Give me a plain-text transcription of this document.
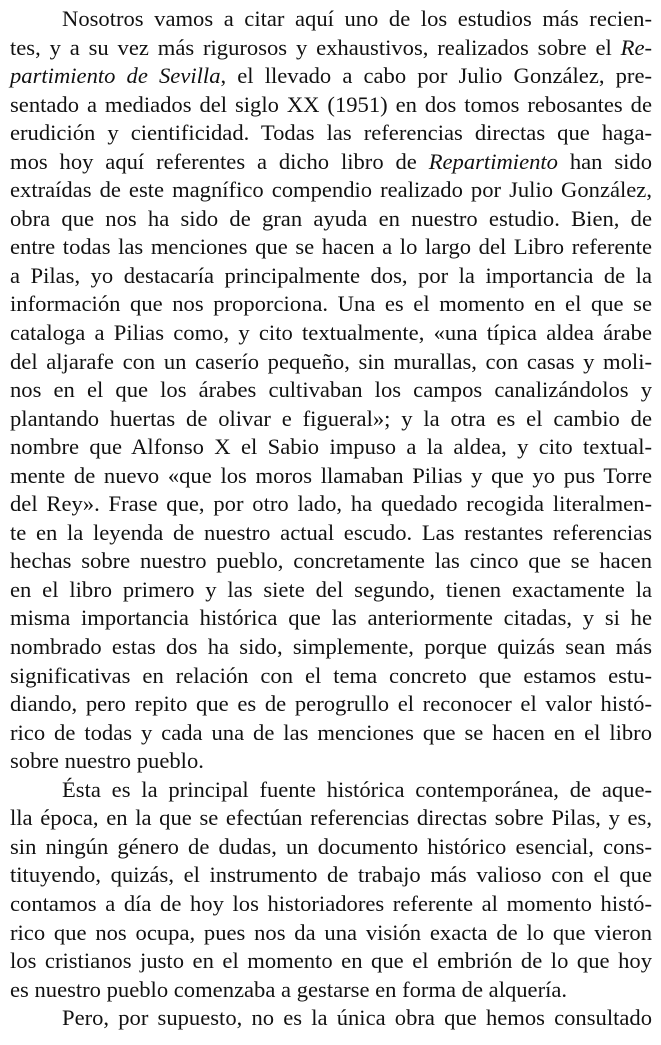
Nosotros vamos a citar aquí uno de los estudios más recien-
tes, y a su vez más rigurosos y exhaustivos, realizados sobre el Re-
partimiento de Sevilla, el llevado a cabo por Julio González, pre-
sentado a mediados del siglo XX (1951) en dos tomos rebosantes de
erudición y cientificidad. Todas las referencias directas que haga-
mos hoy aquí referentes a dicho libro de Repartimiento han sido
extraídas de este magnífico compendio realizado por Julio González,
obra que nos ha sido de gran ayuda en nuestro estudio. Bien, de
entre todas las menciones que se hacen a lo largo del Libro referente
a Pilas, yo destacaría principalmente dos, por la importancia de la
información que nos proporciona. Una es el momento en el que se
cataloga a Pilias como, y cito textualmente, «una típica aldea árabe
del aljarafe con un caserío pequeño, sin murallas, con casas y moli-
nos en el que los árabes cultivaban los campos canalizándolos y
plantando huertas de olivar e figueral»; y la otra es el cambio de
nombre que Alfonso X el Sabio impuso a la aldea, y cito textual-
mente de nuevo «que los moros llamaban Pilias y que yo pus Torre
del Rey». Frase que, por otro lado, ha quedado recogida literalmen-
te en la leyenda de nuestro actual escudo. Las restantes referencias
hechas sobre nuestro pueblo, concretamente las cinco que se hacen
en el libro primero y las siete del segundo, tienen exactamente la
misma importancia histórica que las anteriormente citadas, y si he
nombrado estas dos ha sido, simplemente, porque quizás sean más
significativas en relación con el tema concreto que estamos estu-
diando, pero repito que es de perogrullo el reconocer el valor histó-
rico de todas y cada una de las menciones que se hacen en el libro
sobre nuestro pueblo.
Ésta es la principal fuente histórica contemporánea, de aque-
lla época, en la que se efectúan referencias directas sobre Pilas, y es,
sin ningún género de dudas, un documento histórico esencial, cons-
tituyendo, quizás, el instrumento de trabajo más valioso con el que
contamos a día de hoy los historiadores referente al momento histó-
rico que nos ocupa, pues nos da una visión exacta de lo que vieron
los cristianos justo en el momento en que el embrión de lo que hoy
es nuestro pueblo comenzaba a gestarse en forma de alquería.
Pero, por supuesto, no es la única obra que hemos consultado
